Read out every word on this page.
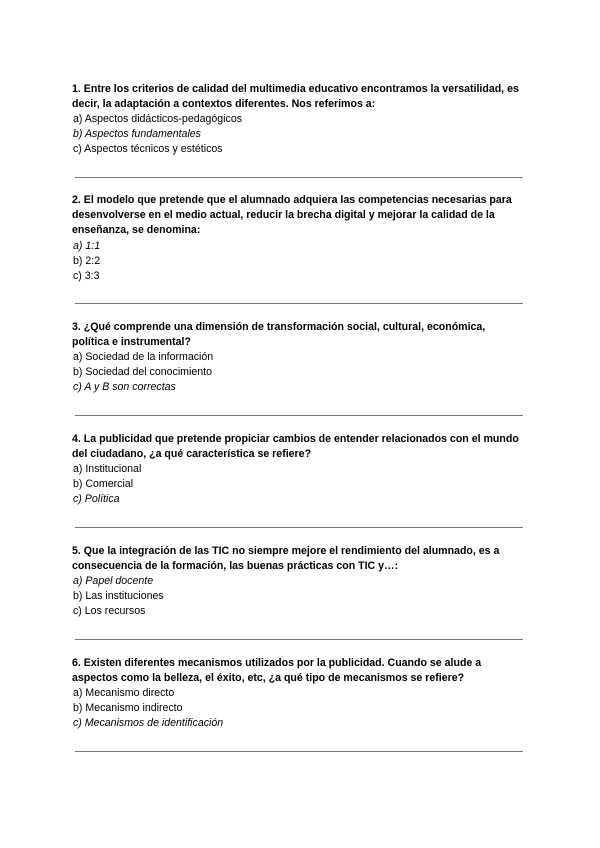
1. Entre los criterios de calidad del multimedia educativo encontramos la versatilidad, es decir, la adaptación a contextos diferentes. Nos referimos a:

a) Aspectos didácticos-pedagógicos

b) Aspectos fundamentales

c) Aspectos técnicos y estéticos

2. El modelo que pretende que el alumnado adquiera las competencias necesarias para desenvolverse en el medio actual, reducir la brecha digital y mejorar la calidad de la enseñanza, se denomina:

a) 1:1

b) 2:2

c) 3:3

3. ¿Qué comprende una dimensión de transformación social, cultural, económica, política e instrumental?

a) Sociedad de la información

b) Sociedad del conocimiento

c) A y B son correctas

4. La publicidad que pretende propiciar cambios de entender relacionados con el mundo del ciudadano, ¿a qué característica se refiere?

a) Institucional

b) Comercial

c) Política

5. Que la integración de las TIC no siempre mejore el rendimiento del alumnado, es a consecuencia de la formación, las buenas prácticas con TIC y…:

a) Papel docente

b) Las instituciones

c) Los recursos

6. Existen diferentes mecanismos utilizados por la publicidad. Cuando se alude a aspectos como la belleza, el éxito, etc, ¿a qué tipo de mecanismos se refiere?

a) Mecanismo directo

b) Mecanismo indirecto

c) Mecanismos de identificación
